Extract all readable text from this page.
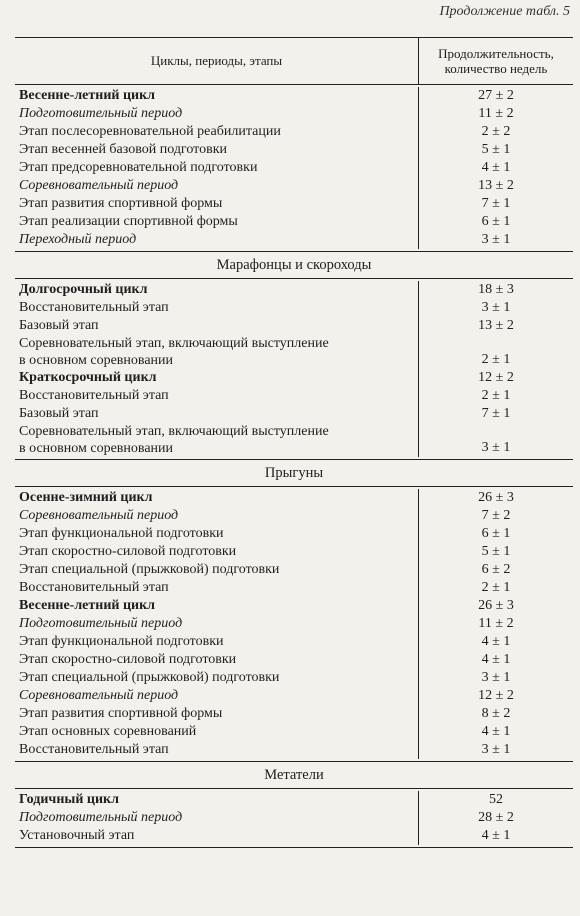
Продолжение табл. 5
Циклы, периоды, этапы	Продолжительность,
количество недель
Весенне-летний цикл	27 ± 2
Подготовительный период	11 ± 2
Этап послесоревновательной реабилитации	2 ± 2
Этап весенней базовой подготовки	5 ± 1
Этап предсоревновательной подготовки	4 ± 1
Соревновательный период	13 ± 2
Этап развития спортивной формы	7 ± 1
Этап реализации спортивной формы	6 ± 1
Переходный период	3 ± 1
Марафонцы и скороходы
Долгосрочный цикл	18 ± 3
Восстановительный этап	3 ± 1
Базовый этап	13 ± 2
Соревновательный этап, включающий выступление
в основном соревновании	2 ± 1
Краткосрочный цикл	12 ± 2
Восстановительный этап	2 ± 1
Базовый этап	7 ± 1
Соревновательный этап, включающий выступление
в основном соревновании	3 ± 1
Прыгуны
Осенне-зимний цикл	26 ± 3
Соревновательный период	7 ± 2
Этап функциональной подготовки	6 ± 1
Этап скоростно-силовой подготовки	5 ± 1
Этап специальной (прыжковой) подготовки	6 ± 2
Восстановительный этап	2 ± 1
Весенне-летний цикл	26 ± 3
Подготовительный период	11 ± 2
Этап функциональной подготовки	4 ± 1
Этап скоростно-силовой подготовки	4 ± 1
Этап специальной (прыжковой) подготовки	3 ± 1
Соревновательный период	12 ± 2
Этап развития спортивной формы	8 ± 2
Этап основных соревнований	4 ± 1
Восстановительный этап	3 ± 1
Метатели
Годичный цикл	52
Подготовительный период	28 ± 2
Установочный этап	4 ± 1
